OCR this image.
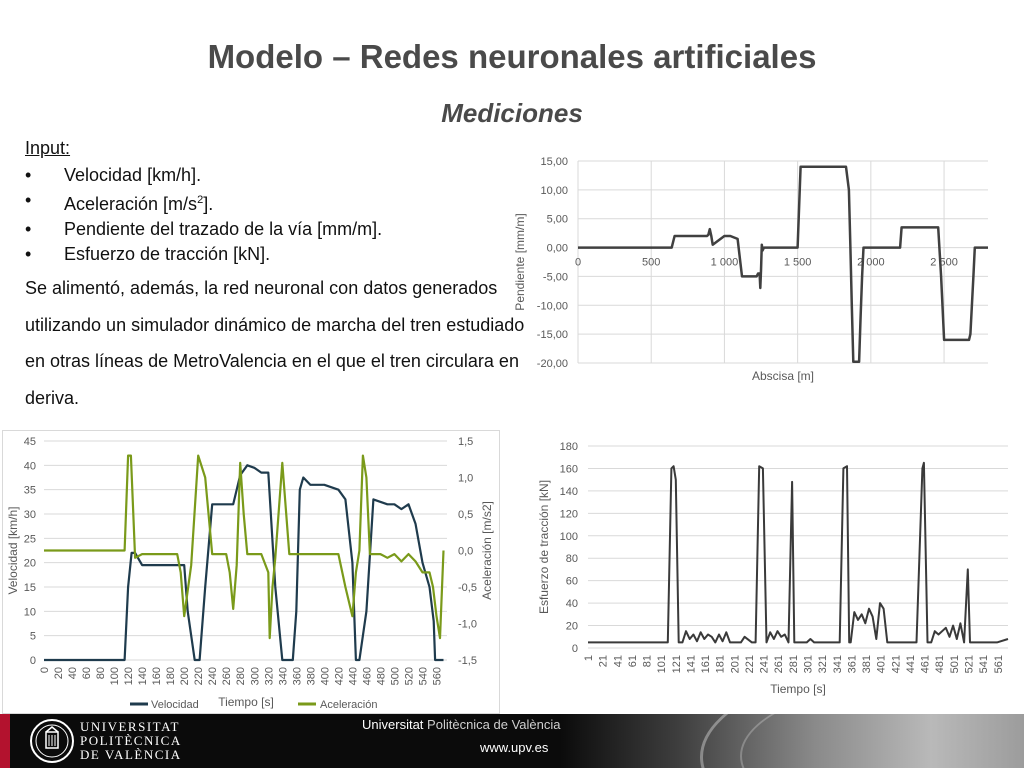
Modelo – Redes neuronales artificiales
Mediciones
Input:
• Velocidad [km/h].
• Aceleración $[m/s^2]$.
• Pendiente del trazado de la vía [mm/m].
• Esfuerzo de tracción [kN].
Se alimentó, además, la red neuronal con datos generados utilizando un simulador dinámico de marcha del tren estudiado en otras líneas de MetroValencia en el que el tren circulara en deriva.
15,00
10,00
5,00
0,00
-5,00
-10,00
-15,00
-20,00
0	500	1 000	1 500	2 000	2 500
Abscisa [m]
Pendiente [mm/m]
0
5
10
15
20
25
30
35
40
45
-1,5
-1,0
-0,5
0,0
0,5
1,0
1,5
0 20 40 60 80 100 120 140 160 180 200 220 240 260 280 300 320 340 360 380 400 420 440 460 480 500 520 540 560
Velocidad [km/h]	Aceleración [m/s2]
Tiempo [s]
Velocidad	Aceleración
0
20
40
60
80
100
120
140
160
180
1 21 41 61 81 101 121 141 161 181 201 221 241 261 281 301 321 341 361 381 401 421 441 461 481 501 521 541 561
Esfuerzo de tracción [kN]
Tiempo [s]
UNIVERSITAT
POLITÈCNICA
DE VALÈNCIA
Universitat Politècnica de València
www.upv.es
